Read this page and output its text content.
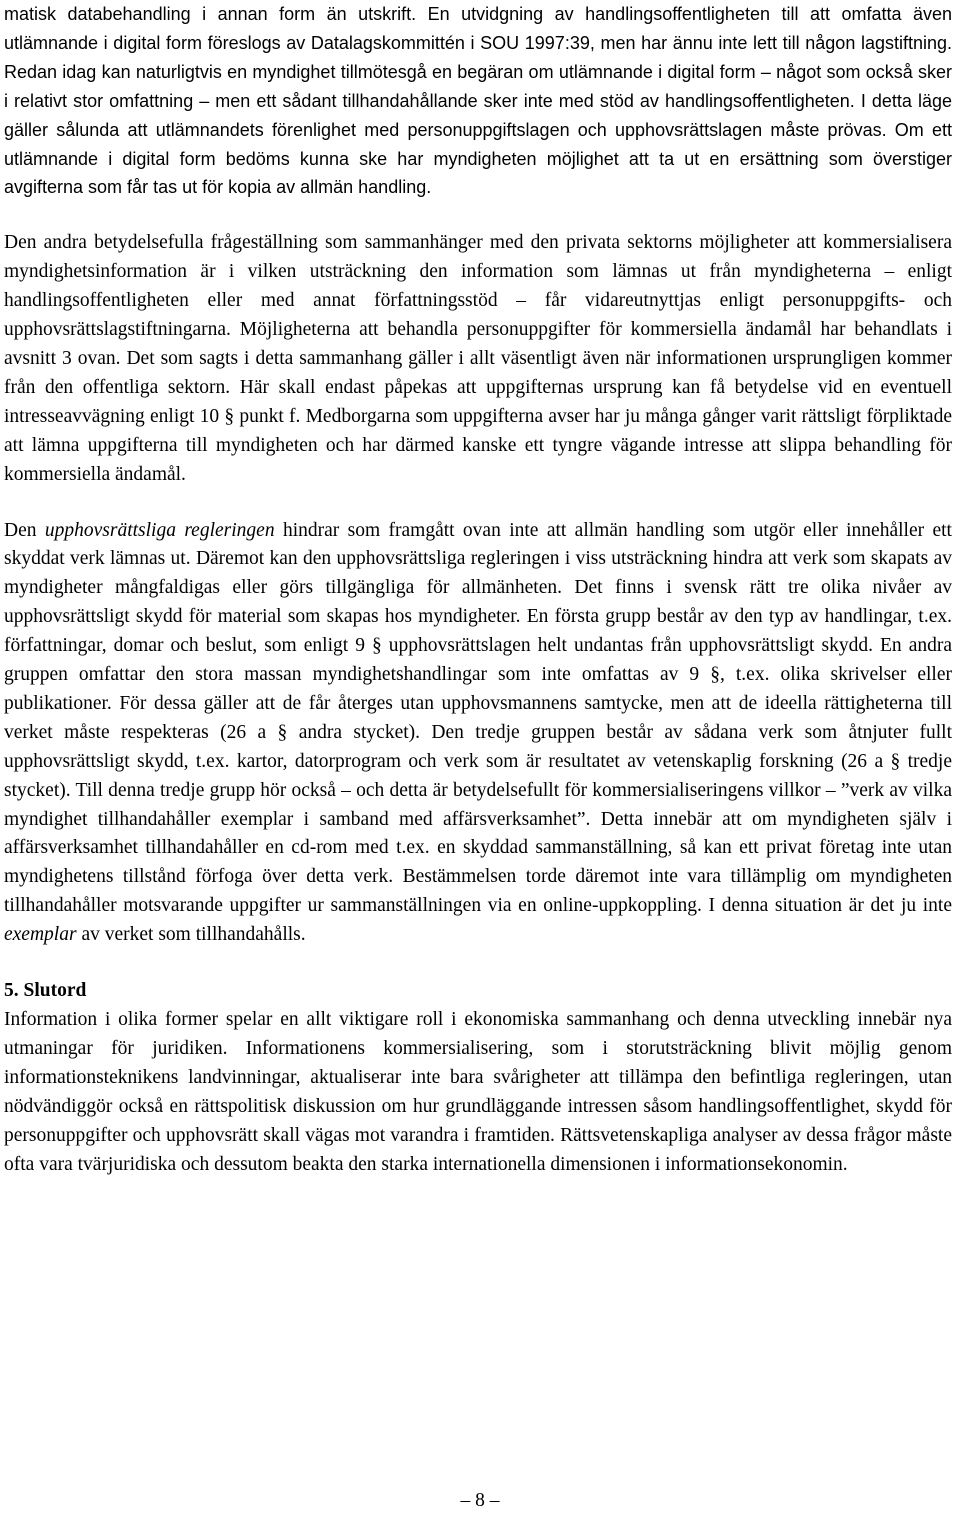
matisk databehandling i annan form än utskrift. En utvidgning av handlingsoffentligheten till att omfatta även utlämnande i digital form föreslogs av Datalagskommittén i SOU 1997:39, men har ännu inte lett till någon lagstiftning. Redan idag kan naturligtvis en myndighet tillmötesgå en begäran om utlämnande i digital form – något som också sker i relativt stor omfattning – men ett sådant tillhandahållande sker inte med stöd av handlingsoffentligheten. I detta läge gäller sålunda att utlämnandets förenlighet med personuppgiftslagen och upphovsrättslagen måste prövas. Om ett utlämnande i digital form bedöms kunna ske har myndigheten möjlighet att ta ut en ersättning som överstiger avgifterna som får tas ut för kopia av allmän handling.

Den andra betydelsefulla frågeställning som sammanhänger med den privata sektorns möjligheter att kommersialisera myndighetsinformation är i vilken utsträckning den information som lämnas ut från myndigheterna – enligt handlingsoffentligheten eller med annat författningsstöd – får vidareutnyttjas enligt personuppgifts- och upphovsrättslagstiftningarna. Möjligheterna att behandla personuppgifter för kommersiella ändamål har behandlats i avsnitt 3 ovan. Det som sagts i detta sammanhang gäller i allt väsentligt även när informationen ursprungligen kommer från den offentliga sektorn. Här skall endast påpekas att uppgifternas ursprung kan få betydelse vid en eventuell intresseavvägning enligt 10 § punkt f. Medborgarna som uppgifterna avser har ju många gånger varit rättsligt förpliktade att lämna uppgifterna till myndigheten och har därmed kanske ett tyngre vägande intresse att slippa behandling för kommersiella ändamål.

Den upphovsrättsliga regleringen hindrar som framgått ovan inte att allmän handling som utgör eller innehåller ett skyddat verk lämnas ut. Däremot kan den upphovsrättsliga regleringen i viss utsträckning hindra att verk som skapats av myndigheter mångfaldigas eller görs tillgängliga för allmänheten. Det finns i svensk rätt tre olika nivåer av upphovsrättsligt skydd för material som skapas hos myndigheter. En första grupp består av den typ av handlingar, t.ex. författningar, domar och beslut, som enligt 9 § upphovsrättslagen helt undantas från upphovsrättsligt skydd. En andra gruppen omfattar den stora massan myndighetshandlingar som inte omfattas av 9 §, t.ex. olika skrivelser eller publikationer. För dessa gäller att de får återges utan upphovsmannens samtycke, men att de ideella rättigheterna till verket måste respekteras (26 a § andra stycket). Den tredje gruppen består av sådana verk som åtnjuter fullt upphovsrättsligt skydd, t.ex. kartor, datorprogram och verk som är resultatet av vetenskaplig forskning (26 a § tredje stycket). Till denna tredje grupp hör också – och detta är betydelsefullt för kommersialiseringens villkor – ”verk av vilka myndighet tillhandahåller exemplar i samband med affärsverksamhet”. Detta innebär att om myndigheten själv i affärsverksamhet tillhandahåller en cd-rom med t.ex. en skyddad sammanställning, så kan ett privat företag inte utan myndighetens tillstånd förfoga över detta verk. Bestämmelsen torde däremot inte vara tillämplig om myndigheten tillhandahåller motsvarande uppgifter ur sammanställningen via en online-uppkoppling. I denna situation är det ju inte exemplar av verket som tillhandahålls.

5. Slutord

Information i olika former spelar en allt viktigare roll i ekonomiska sammanhang och denna utveckling innebär nya utmaningar för juridiken. Informationens kommersialisering, som i storutsträckning blivit möjlig genom informationsteknikens landvinningar, aktualiserar inte bara svårigheter att tillämpa den befintliga regleringen, utan nödvändiggör också en rättspolitisk diskussion om hur grundläggande intressen såsom handlingsoffentlighet, skydd för personuppgifter och upphovsrätt skall vägas mot varandra i framtiden. Rättsvetenskapliga analyser av dessa frågor måste ofta vara tvärjuridiska och dessutom beakta den starka internationella dimensionen i informationsekonomin.

– 8 –
